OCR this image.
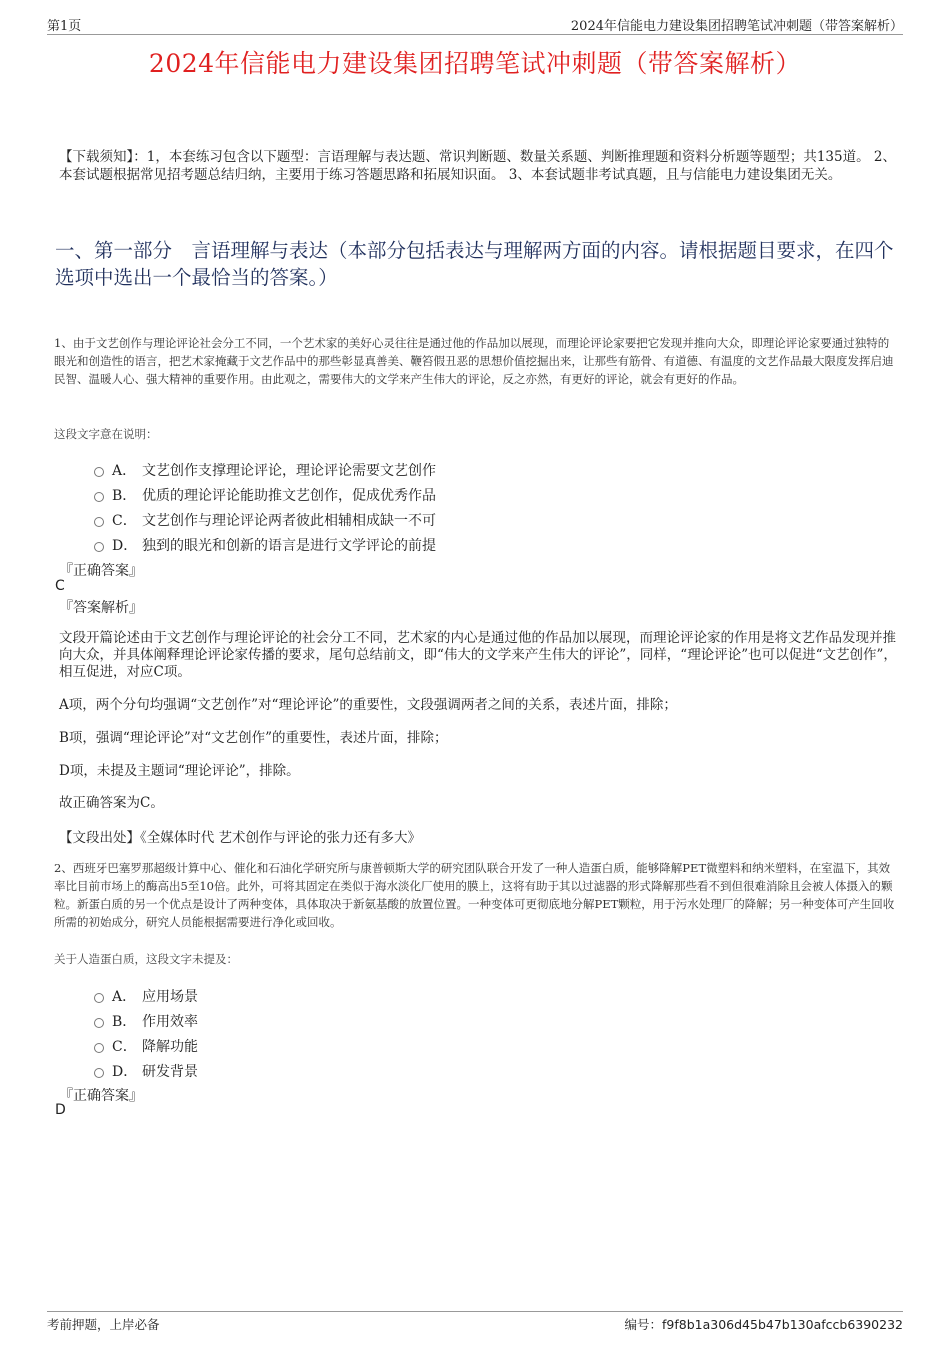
第1页	2024年信能电力建设集团招聘笔试冲刺题（带答案解析）
2024年信能电力建设集团招聘笔试冲刺题（带答案解析）
【下载须知】：1，本套练习包含以下题型：言语理解与表达题、常识判断题、数量关系题、判断推理题和资料分析题等题型；共135道。 2、本套试题根据常见招考题总结归纳，主要用于练习答题思路和拓展知识面。 3、本套试题非考试真题，且与信能电力建设集团无关。
一、第一部分　言语理解与表达（本部分包括表达与理解两方面的内容。请根据题目要求，在四个选项中选出一个最恰当的答案。）
1、由于文艺创作与理论评论社会分工不同，一个艺术家的美好心灵往往是通过他的作品加以展现，而理论评论家要把它发现并推向大众，即理论评论家要通过独特的眼光和创造性的语言，把艺术家掩藏于文艺作品中的那些彰显真善美、鞭笞假丑恶的思想价值挖掘出来，让那些有筋骨、有道德、有温度的文艺作品最大限度发挥启迪民智、温暖人心、强大精神的重要作用。由此观之，需要伟大的文学来产生伟大的评论，反之亦然，有更好的评论，就会有更好的作品。
这段文字意在说明：
A． 文艺创作支撑理论评论，理论评论需要文艺创作
B． 优质的理论评论能助推文艺创作，促成优秀作品
C． 文艺创作与理论评论两者彼此相辅相成缺一不可
D． 独到的眼光和创新的语言是进行文学评论的前提
『正确答案』
C
『答案解析』
文段开篇论述由于文艺创作与理论评论的社会分工不同，艺术家的内心是通过他的作品加以展现，而理论评论家的作用是将文艺作品发现并推向大众，并具体阐释理论评论家传播的要求，尾句总结前文，即“伟大的文学来产生伟大的评论”，同样，“理论评论”也可以促进“文艺创作”，相互促进，对应C项。
A项，两个分句均强调“文艺创作”对“理论评论”的重要性，文段强调两者之间的关系，表述片面，排除；
B项，强调“理论评论”对“文艺创作”的重要性，表述片面，排除；
D项，未提及主题词“理论评论”，排除。
故正确答案为C。
【文段出处】《全媒体时代 艺术创作与评论的张力还有多大》
2、西班牙巴塞罗那超级计算中心、催化和石油化学研究所与康普顿斯大学的研究团队联合开发了一种人造蛋白质，能够降解PET微塑料和纳米塑料，在室温下，其效率比目前市场上的酶高出5至10倍。此外，可将其固定在类似于海水淡化厂使用的膜上，这将有助于其以过滤器的形式降解那些看不到但很难消除且会被人体摄入的颗粒。新蛋白质的另一个优点是设计了两种变体，具体取决于新氨基酸的放置位置。一种变体可更彻底地分解PET颗粒，用于污水处理厂的降解；另一种变体可产生回收所需的初始成分，研究人员能根据需要进行净化或回收。
关于人造蛋白质，这段文字未提及：
A． 应用场景
B． 作用效率
C． 降解功能
D． 研发背景
『正确答案』
D
考前押题，上岸必备	编号：f9f8b1a306d45b47b130afccb6390232
